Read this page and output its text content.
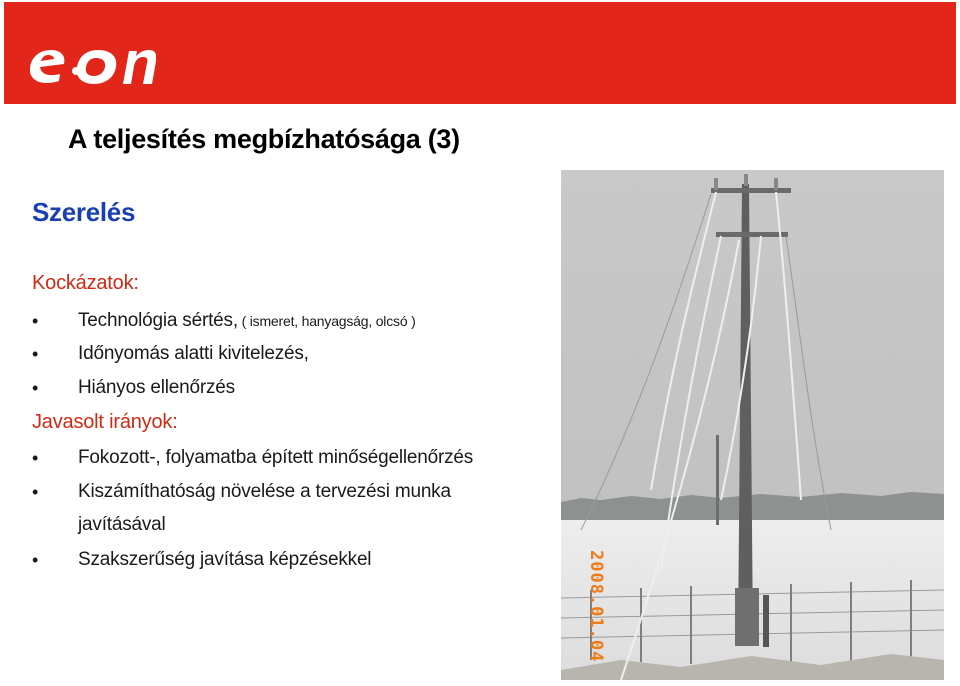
A teljesítés megbízhatósága (3)
Szerelés

Kockázatok:

• Technológia sértés, ( ismeret, hanyagság, olcsó )
• Időnyomás alatti kivitelezés,
• Hiányos ellenőrzés

Javasolt irányok:

• Fokozott-, folyamatba épített minőségellenőrzés
• Kiszámíthatóság növelése a tervezési munka
javításával
• Szakszerűség javítása képzésekkel	2008.01.04
